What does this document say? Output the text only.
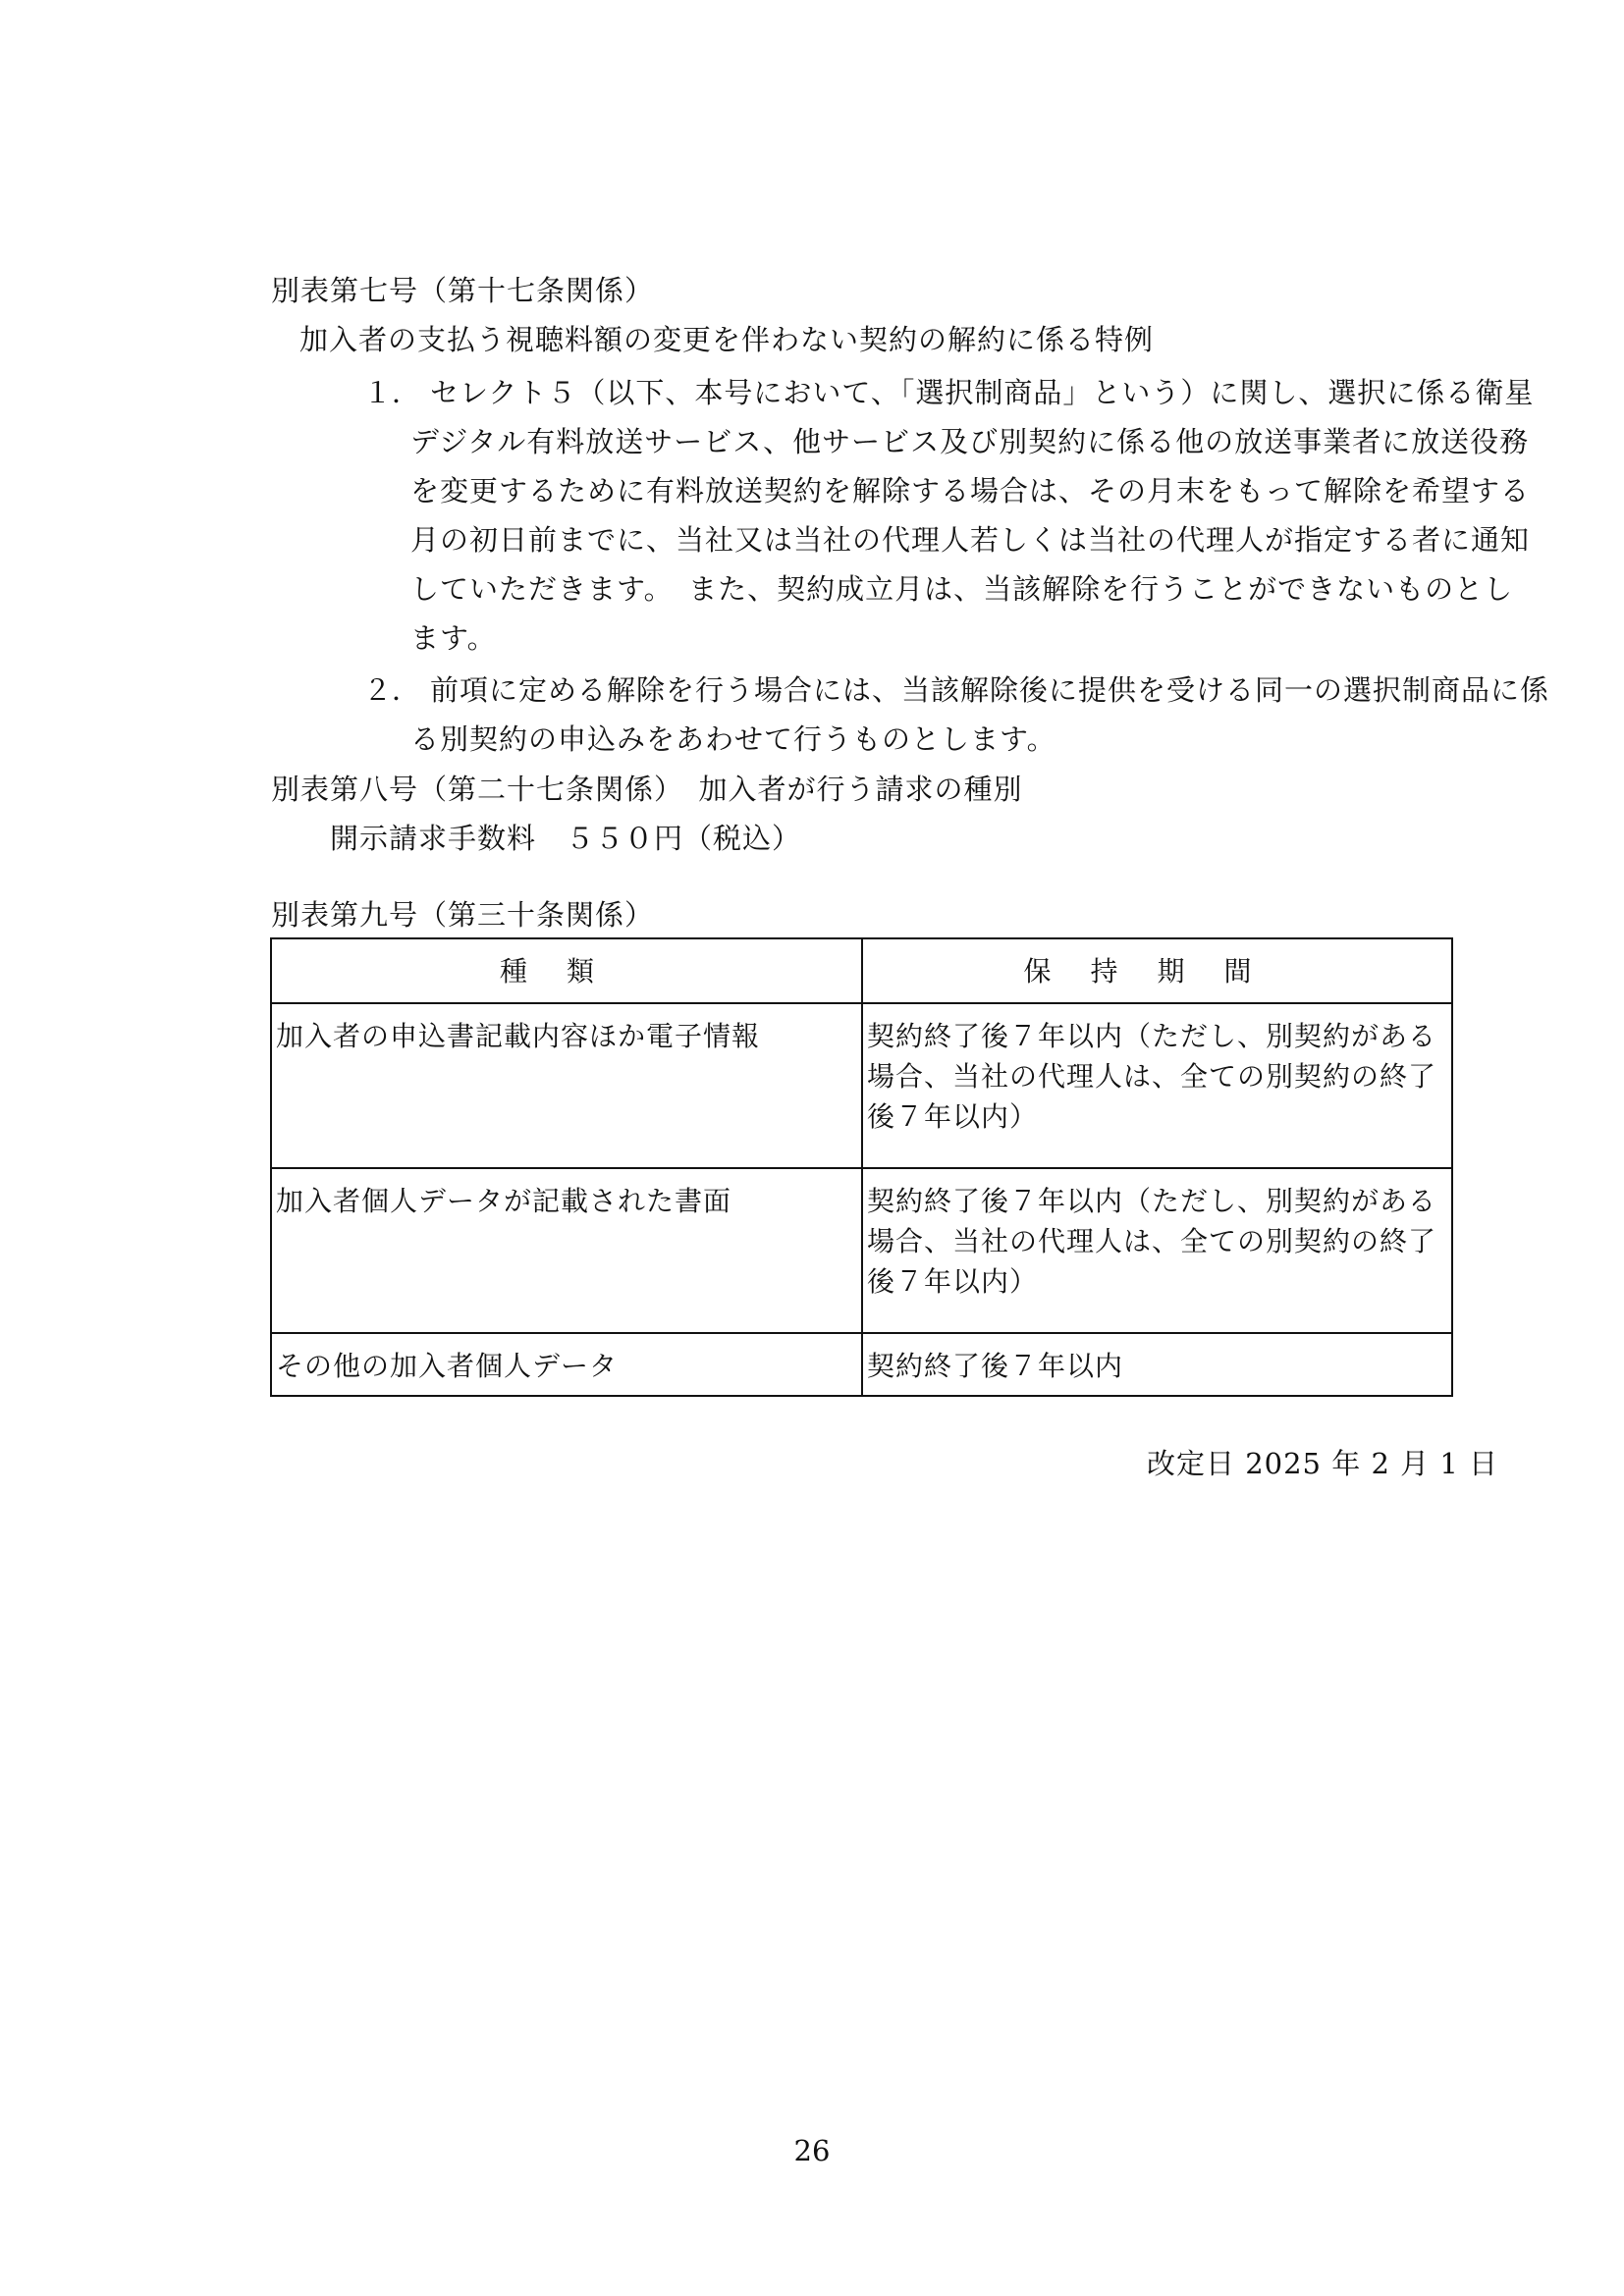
別表第七号（第十七条関係）
加入者の支払う視聴料額の変更を伴わない契約の解約に係る特例
１． セレクト５（以下、本号において、「選択制商品」という）に関し、選択に係る衛星
デジタル有料放送サービス、他サービス及び別契約に係る他の放送事業者に放送役務
を変更するために有料放送契約を解除する場合は、その月末をもって解除を希望する
月の初日前までに、当社又は当社の代理人若しくは当社の代理人が指定する者に通知
していただきます。　また、契約成立月は、当該解除を行うことができないものとし
ます。
２． 前項に定める解除を行う場合には、当該解除後に提供を受ける同一の選択制商品に係
る別契約の申込みをあわせて行うものとします。
別表第八号（第二十七条関係）　加入者が行う請求の種別
開示請求手数料　５５０円（税込）
別表第九号（第三十条関係）
種類	保持期間
加入者の申込書記載内容ほか電子情報	契約終了後７年以内（ただし、別契約がある
場合、当社の代理人は、全ての別契約の終了
後７年以内）

加入者個人データが記載された書面	契約終了後７年以内（ただし、別契約がある
場合、当社の代理人は、全ての別契約の終了
後７年以内）

その他の加入者個人データ	契約終了後７年以内
改定日 2025 年 2 月 1 日
26
